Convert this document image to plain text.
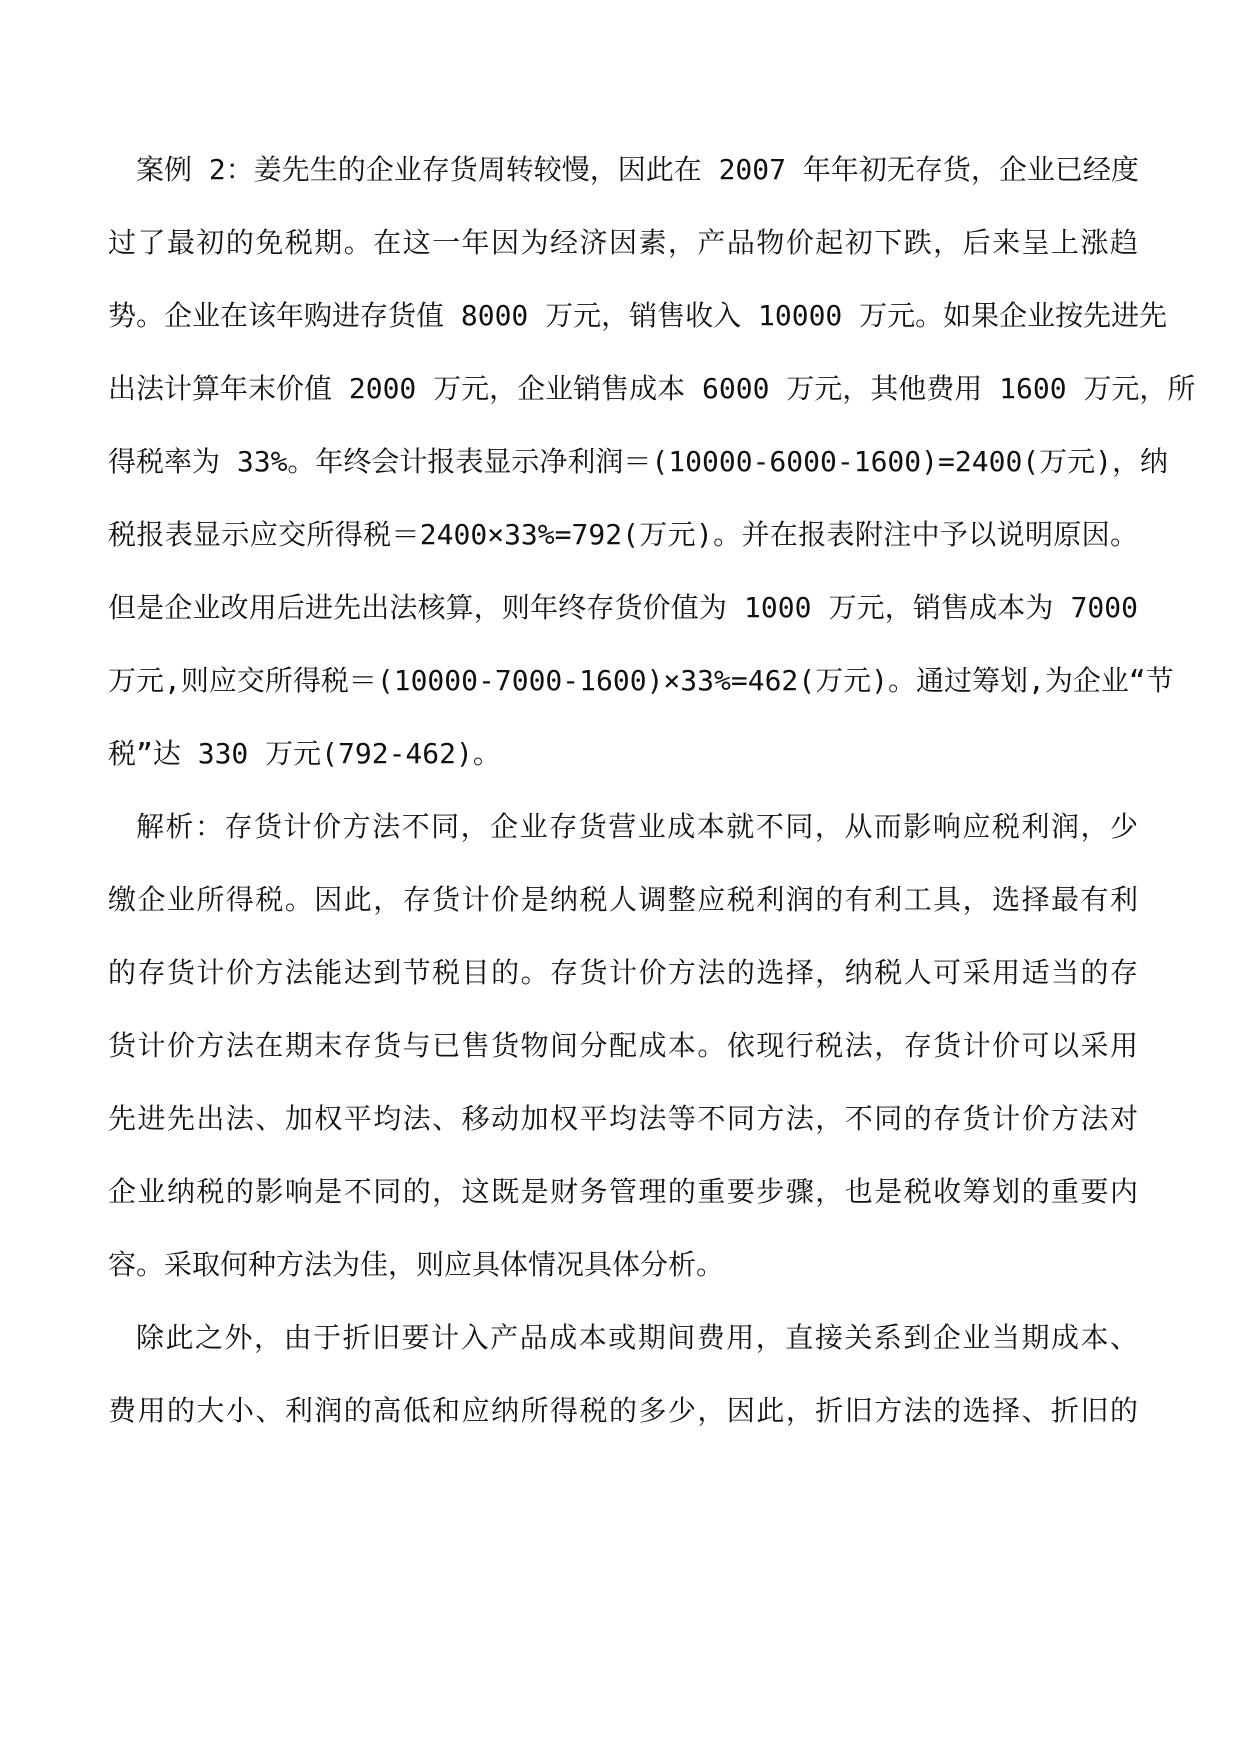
案例 2：姜先生的企业存货周转较慢，因此在 2007 年年初无存货，企业已经度
过了最初的免税期。在这一年因为经济因素，产品物价起初下跌，后来呈上涨趋
势。企业在该年购进存货值 8000 万元，销售收入 10000 万元。如果企业按先进先
出法计算年末价值 2000 万元，企业销售成本 6000 万元，其他费用 1600 万元，所
得税率为 33%。年终会计报表显示净利润＝(10000-6000-1600)=2400(万元)，纳
税报表显示应交所得税＝2400×33%=792(万元)。并在报表附注中予以说明原因。
但是企业改用后进先出法核算，则年终存货价值为 1000 万元，销售成本为 7000
万元,则应交所得税＝(10000-7000-1600)×33%=462(万元)。通过筹划,为企业“节
税”达 330 万元(792-462)。
解析：存货计价方法不同，企业存货营业成本就不同，从而影响应税利润，少
缴企业所得税。因此，存货计价是纳税人调整应税利润的有利工具，选择最有利
的存货计价方法能达到节税目的。存货计价方法的选择，纳税人可采用适当的存
货计价方法在期末存货与已售货物间分配成本。依现行税法，存货计价可以采用
先进先出法、加权平均法、移动加权平均法等不同方法，不同的存货计价方法对
企业纳税的影响是不同的，这既是财务管理的重要步骤，也是税收筹划的重要内
容。采取何种方法为佳，则应具体情况具体分析。
除此之外，由于折旧要计入产品成本或期间费用，直接关系到企业当期成本、
费用的大小、利润的高低和应纳所得税的多少，因此，折旧方法的选择、折旧的
